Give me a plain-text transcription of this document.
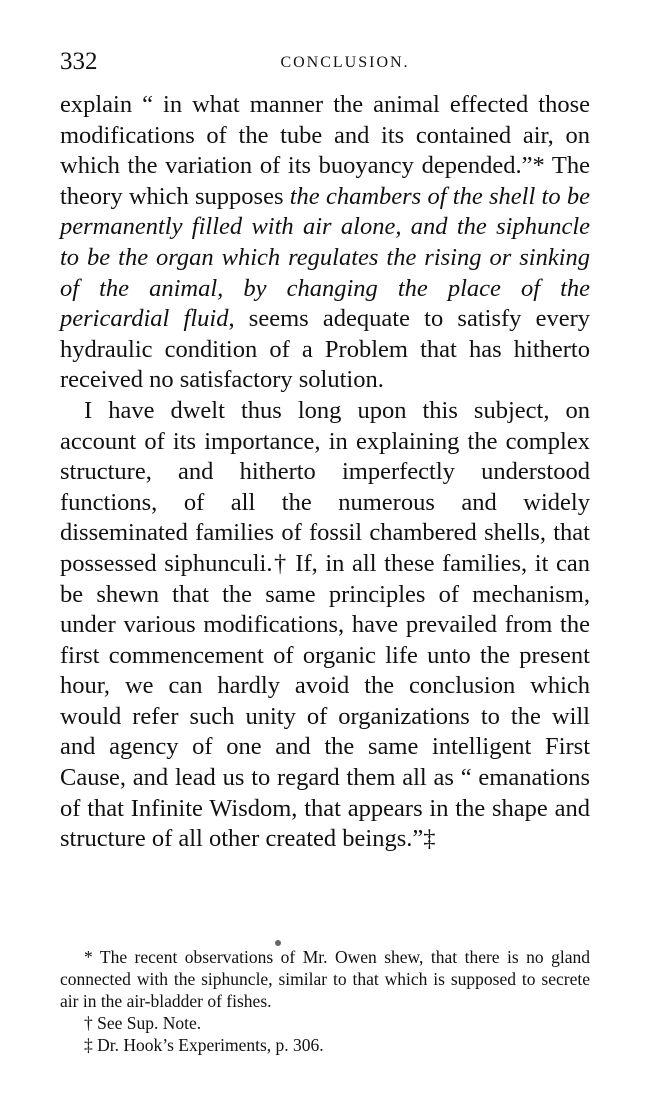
332	CONCLUSION.

explain “ in what manner the animal effected those modifications of the tube and its contained air, on which the variation of its buoyancy depended.”* The theory which supposes the chambers of the shell to be permanently filled with air alone, and the siphuncle to be the organ which regulates the rising or sinking of the animal, by changing the place of the pericardial fluid, seems adequate to satisfy every hydraulic condition of a Problem that has hitherto received no satisfactory solution.

I have dwelt thus long upon this subject, on account of its importance, in explaining the complex structure, and hitherto imperfectly understood functions, of all the numerous and widely disseminated families of fossil chambered shells, that possessed siphunculi.† If, in all these families, it can be shewn that the same principles of mechanism, under various modifications, have prevailed from the first commencement of organic life unto the present hour, we can hardly avoid the conclusion which would refer such unity of organizations to the will and agency of one and the same intelligent First Cause, and lead us to regard them all as “ emanations of that Infinite Wisdom, that appears in the shape and structure of all other created beings.”‡

* The recent observations of Mr. Owen shew, that there is no gland connected with the siphuncle, similar to that which is supposed to secrete air in the air-bladder of fishes.

† See Sup. Note.

‡ Dr. Hook’s Experiments, p. 306.
